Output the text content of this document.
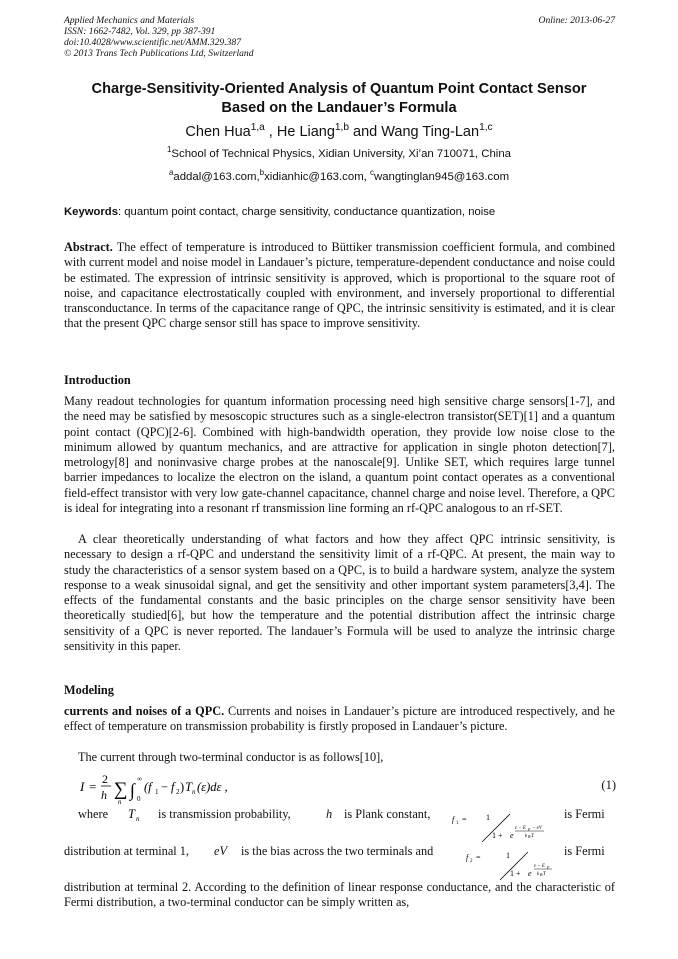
Applied Mechanics and Materials
ISSN: 1662-7482, Vol. 329, pp 387-391
doi:10.4028/www.scientific.net/AMM.329.387
© 2013 Trans Tech Publications Ltd, Switzerland
Online: 2013-06-27
Charge-Sensitivity-Oriented Analysis of Quantum Point Contact Sensor
Based on the Landauer’s Formula
Chen Hua$^{1,a}$ , He Liang$^{1,b}$ and Wang Ting-Lan$^{1,c}$
$^1$School of Technical Physics, Xidian University, Xi’an 710071, China
$^a$addal@163.com,$^b$xidianhic@163.com, $^c$wangtinglan945@163.com
Keywords: quantum point contact, charge sensitivity, conductance quantization, noise
Abstract. The effect of temperature is introduced to Büttiker transmission coefficient formula, and combined with current model and noise model in Landauer’s picture, temperature-dependent conductance and noise could be estimated. The expression of intrinsic sensitivity is approved, which is proportional to the square root of noise, and capacitance electrostatically coupled with environment, and inversely proportional to differential transconductance. In terms of the capacitance range of QPC, the intrinsic sensitivity is estimated, and it is clear that the present QPC charge sensor still has space to improve sensitivity.
Introduction
Many readout technologies for quantum information processing need high sensitive charge sensors[1-7], and the need may be satisfied by mesoscopic structures such as a single-electron transistor(SET)[1] and a quantum point contact (QPC)[2-6]. Combined with high-bandwidth operation, they provide low noise close to the minimum allowed by quantum mechanics, and are attractive for application in single photon detection[7], metrology[8] and noninvasive charge probes at the nanoscale[9]. Unlike SET, which requires large tunnel barrier impedances to localize the electron on the island, a quantum point contact operates as a conventional field-effect transistor with very low gate-channel capacitance, channel charge and noise level. Therefore, a QPC is ideal for integrating into a resonant rf transmission line forming an rf-QPC analogous to an rf-SET.
A clear theoretically understanding of what factors and how they affect QPC intrinsic sensitivity, is necessary to design a rf-QPC and understand the sensitivity limit of a rf-QPC. At present, the main way to study the characteristics of a sensor system based on a QPC, is to build a hardware system, analyze the system response to a weak sinusoidal signal, and get the sensitivity and other important system parameters[3,4]. The effects of the fundamental constants and the basic principles on the charge sensor sensitivity have been theoretically studied[6], but how the temperature and the potential distribution affect the intrinsic charge sensitivity of a QPC is never reported. The landauer’s Formula will be used to analyze the intrinsic charge sensitivity in this paper.
Modeling
currents and noises of a QPC. Currents and noises in Landauer’s picture are introduced respectively, and he effect of temperature on transmission probability is firstly proposed in Landauer’s picture.
The current through two-terminal conductor is as follows[10],
I = 2
h ∑
n
∫
∞
0
(f 1 − f 2 ) T n (ε)dε ,	(1)
where T n is transmission probability,	h is Plank constant,	is Fermi
f 1 = 1
1 + e
ε − E F − eV
k B T
distribution at terminal 1, eV is the bias across the two terminals and	is Fermi
f 2 =	1
1 + e
ε − E F
k B T
distribution at terminal 2. According to the definition of linear response conductance, and the characteristic of Fermi distribution, a two-terminal conductor can be simply written as,
